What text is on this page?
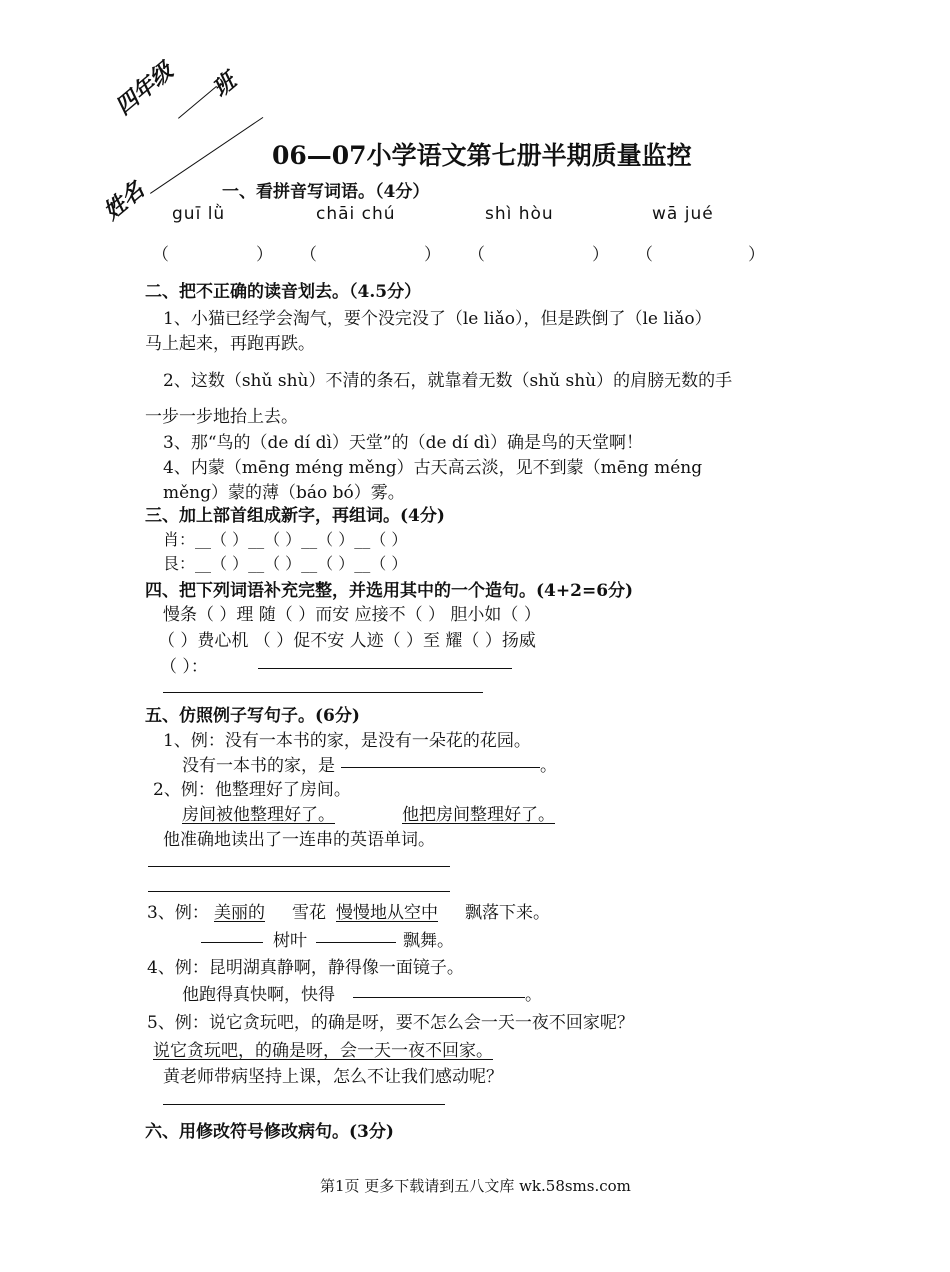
四年级 班
姓名
06—07小学语文第七册半期质量监控
一、看拼音写词语。（4分）
guī lǜ	chāi chú	shì hòu	wā jué
（	） （	） （	） （	）
二、把不正确的读音划去。（4.5分）
1、小猫已经学会淘气，要个没完没了（le liǎo），但是跌倒了（le liǎo）
马上起来，再跑再跌。
2、这数（shǔ shù）不清的条石，就靠着无数（shǔ shù）的肩膀无数的手
一步一步地抬上去。
3、那“鸟的（de dí dì）天堂”的（de dí dì）确是鸟的天堂啊！
4、内蒙（mēng méng měng）古天高云淡，见不到蒙（mēng méng
měng）蒙的薄（báo bó）雾。
三、加上部首组成新字，再组词。(4分)
肖：__（ ）__（ ）__（ ）__（ ）
艮：__（ ）__（ ）__（ ）__（ ）
四、把下列词语补充完整，并选用其中的一个造句。(4+2=6分)
慢条（ ）理 随（ ）而安 应接不（ ） 胆小如（ ）
（ ）费心机 （ ）促不安 人迹（ ）至 耀（ ）扬威
（ ）：
五、仿照例子写句子。(6分)
1、例：没有一本书的家，是没有一朵花的花园。
没有一本书的家，是	。
2、例：他整理好了房间。
房间被他整理好了。	他把房间整理好了。
他准确地读出了一连串的英语单词。
3、例： 美丽的 雪花 慢慢地从空中 飘落下来。
树叶	飘舞。
4、例：昆明湖真静啊，静得像一面镜子。
他跑得真快啊，快得	。
5、例：说它贪玩吧，的确是呀，要不怎么会一天一夜不回家呢？
说它贪玩吧，的确是呀，会一天一夜不回家。
黄老师带病坚持上课，怎么不让我们感动呢？
六、用修改符号修改病句。(3分)
第1页 更多下载请到五八文库 wk.58sms.com
